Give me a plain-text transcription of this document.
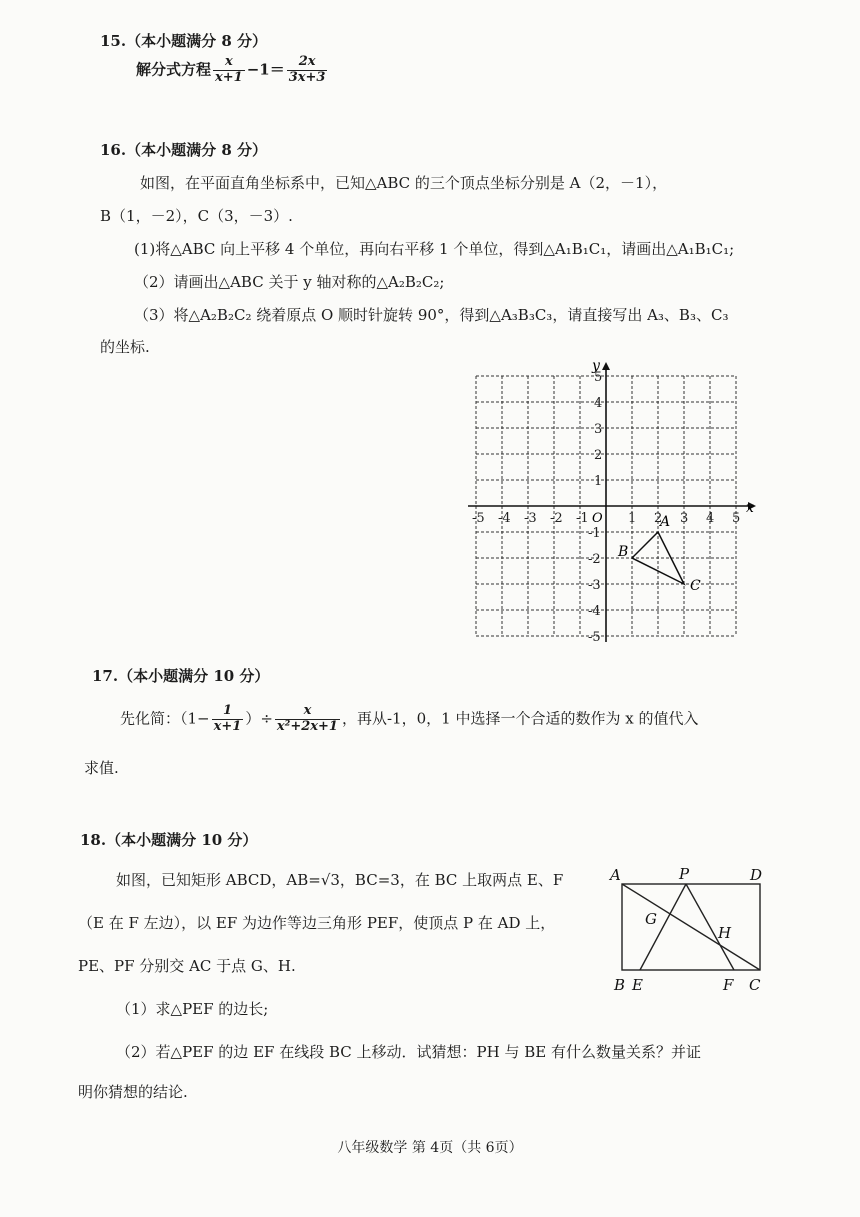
15.（本小题满分 8 分）
解分式方程 $\frac{x}{x+1} -1= \frac{2x}{3x+3}$
16.（本小题满分 8 分）
如图，在平面直角坐标系中，已知△ABC 的三个顶点坐标分别是 A（2，－1），
B（1，－2），C（3，－3）.
(1)将△ABC 向上平移 4 个单位，再向右平移 1 个单位，得到△A₁B₁C₁，请画出△A₁B₁C₁;
（2）请画出△ABC 关于 y 轴对称的△A₂B₂C₂;
（3）将△A₂B₂C₂ 绕着原点 O 顺时针旋转 90°，得到△A₃B₃C₃，请直接写出 A₃、B₃、C₃
的坐标.
x
y
O
-5 -4 -3 -2 -1	1 2 3 4 5
5
4
3
2
1
-1
-2
-3
-4
-5
A
B
C
17.（本小题满分 10 分）
先化简：（$1- \frac{1}{x+1}$ ）÷ $\frac{x}{\text{x²+2x+1}}$ ，再从-1，0，1 中选择一个合适的数作为 x 的值代入
求值.
18.（本小题满分 10 分）
如图，已知矩形 ABCD，AB=√3，BC=3，在 BC 上取两点 E、F
（E 在 F 左边），以 EF 为边作等边三角形 PEF，使顶点 P 在 AD 上，
PE、PF 分别交 AC 于点 G、H.
（1）求△PEF 的边长;
（2）若△PEF 的边 EF 在线段 BC 上移动．试猜想：PH 与 BE 有什么数量关系？并证
明你猜想的结论.
A	P	D
G
H
B E	F C
八年级数学 第 4页（共 6页）
